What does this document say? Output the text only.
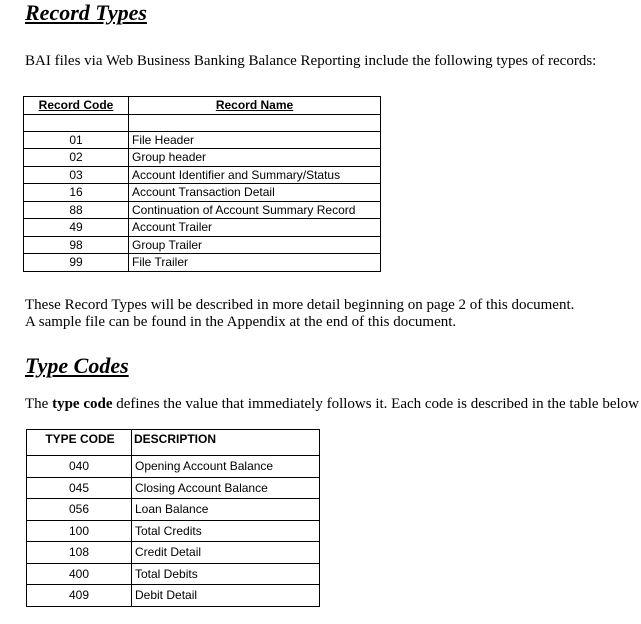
Record Types
BAI files via Web Business Banking Balance Reporting include the following types of records:
Record Code	Record Name

01	File Header
02	Group header
03	Account Identifier and Summary/Status
16	Account Transaction Detail
88	Continuation of Account Summary Record
49	Account Trailer
98	Group Trailer
99	File Trailer
These Record Types will be described in more detail beginning on page 2 of this document.
A sample file can be found in the Appendix at the end of this document.
Type Codes
The type code defines the value that immediately follows it. Each code is described in the table below
TYPE CODE	DESCRIPTION

040	Opening Account Balance
045	Closing Account Balance
056	Loan Balance
100	Total Credits
108	Credit Detail
400	Total Debits
409	Debit Detail
